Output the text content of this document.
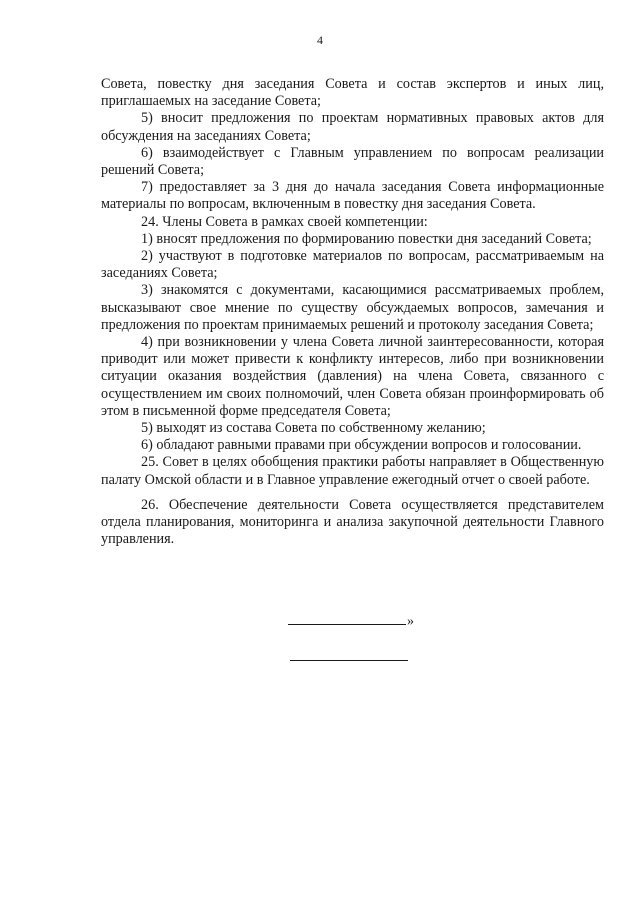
4

Совета, повестку дня заседания Совета и состав экспертов и иных лиц, приглашаемых на заседание Совета;

5) вносит предложения по проектам нормативных правовых актов для обсуждения на заседаниях Совета;

6) взаимодействует с Главным управлением по вопросам реализации решений Совета;

7) предоставляет за 3 дня до начала заседания Совета информационные материалы по вопросам, включенным в повестку дня заседания Совета.

24. Члены Совета в рамках своей компетенции:

1) вносят предложения по формированию повестки дня заседаний Совета;

2) участвуют в подготовке материалов по вопросам, рассматриваемым на заседаниях Совета;

3) знакомятся с документами, касающимися рассматриваемых проблем, высказывают свое мнение по существу обсуждаемых вопросов, замечания и предложения по проектам принимаемых решений и протоколу заседания Совета;

4) при возникновении у члена Совета личной заинтересованности, которая приводит или может привести к конфликту интересов, либо при возникновении ситуации оказания воздействия (давления) на члена Совета, связанного с осуществлением им своих полномочий, член Совета обязан проинформировать об этом в письменной форме председателя Совета;

5) выходят из состава Совета по собственному желанию;

6) обладают равными правами при обсуждении вопросов и голосовании.

25. Совет в целях обобщения практики работы направляет в Общественную палату Омской области и в Главное управление ежегодный отчет о своей работе.

26. Обеспечение деятельности Совета осуществляется представителем отдела планирования, мониторинга и анализа закупочной деятельности Главного управления.

»
